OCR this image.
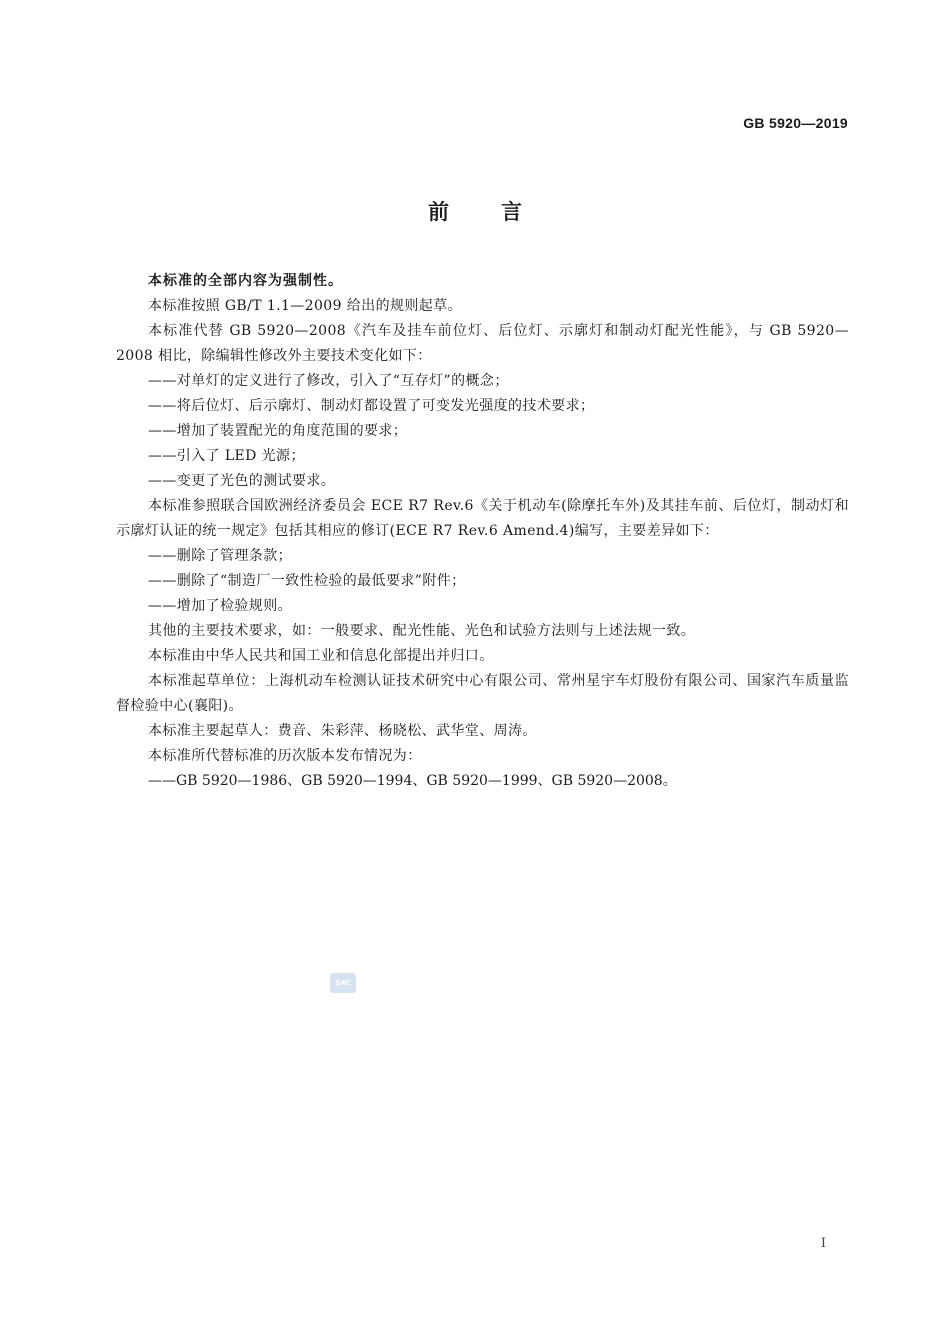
GB 5920—2019
前言

本标准的全部内容为强制性。

本标准按照 GB/T 1.1—2009 给出的规则起草。

本标准代替 GB 5920—2008《汽车及挂车前位灯、后位灯、示廓灯和制动灯配光性能》，与 GB 5920—2008 相比，除编辑性修改外主要技术变化如下：

——对单灯的定义进行了修改，引入了“互存灯”的概念；

——将后位灯、后示廓灯、制动灯都设置了可变发光强度的技术要求；

——增加了装置配光的角度范围的要求；

——引入了 LED 光源；

——变更了光色的测试要求。

本标准参照联合国欧洲经济委员会 ECE R7 Rev.6《关于机动车(除摩托车外)及其挂车前、后位灯，制动灯和示廓灯认证的统一规定》包括其相应的修订(ECE R7 Rev.6 Amend.4)编写，主要差异如下：

——删除了管理条款；

——删除了“制造厂一致性检验的最低要求”附件；

——增加了检验规则。

其他的主要技术要求，如：一般要求、配光性能、光色和试验方法则与上述法规一致。

本标准由中华人民共和国工业和信息化部提出并归口。

本标准起草单位：上海机动车检测认证技术研究中心有限公司、常州星宇车灯股份有限公司、国家汽车质量监督检验中心(襄阳)。

本标准主要起草人：费音、朱彩萍、杨晓松、武华堂、周涛。

本标准所代替标准的历次版本发布情况为：

——GB 5920—1986、GB 5920—1994、GB 5920—1999、GB 5920—2008。

SAC
I
